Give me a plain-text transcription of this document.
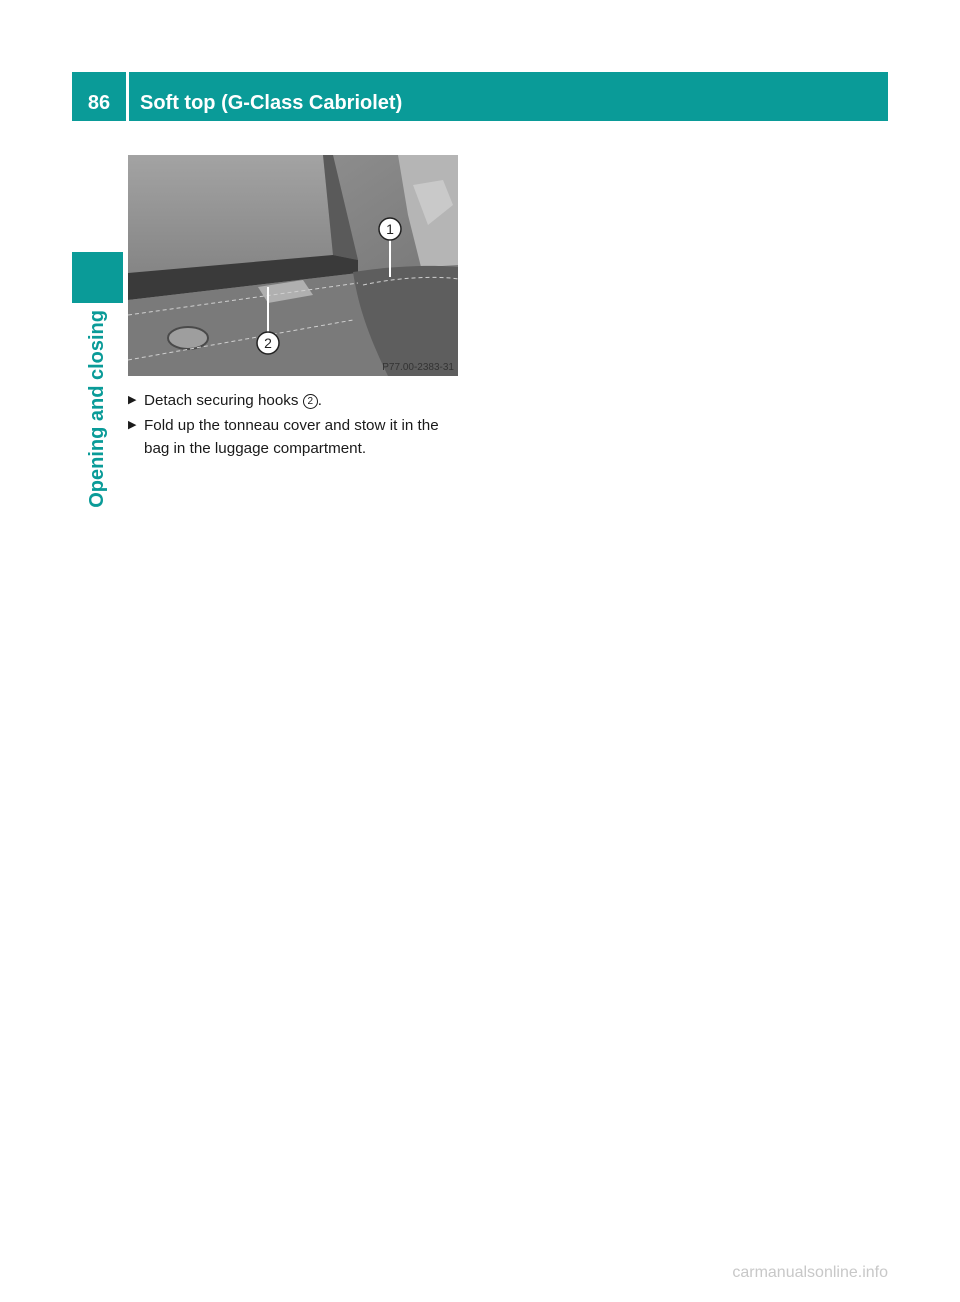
86	Soft top (G-Class Cabriolet)
Opening and closing
1
2
P77.00-2383-31
▶ Detach securing hooks 2 .
▶ Fold up the tonneau cover and stow it in the bag in the luggage compartment.
carmanualsonline.info
